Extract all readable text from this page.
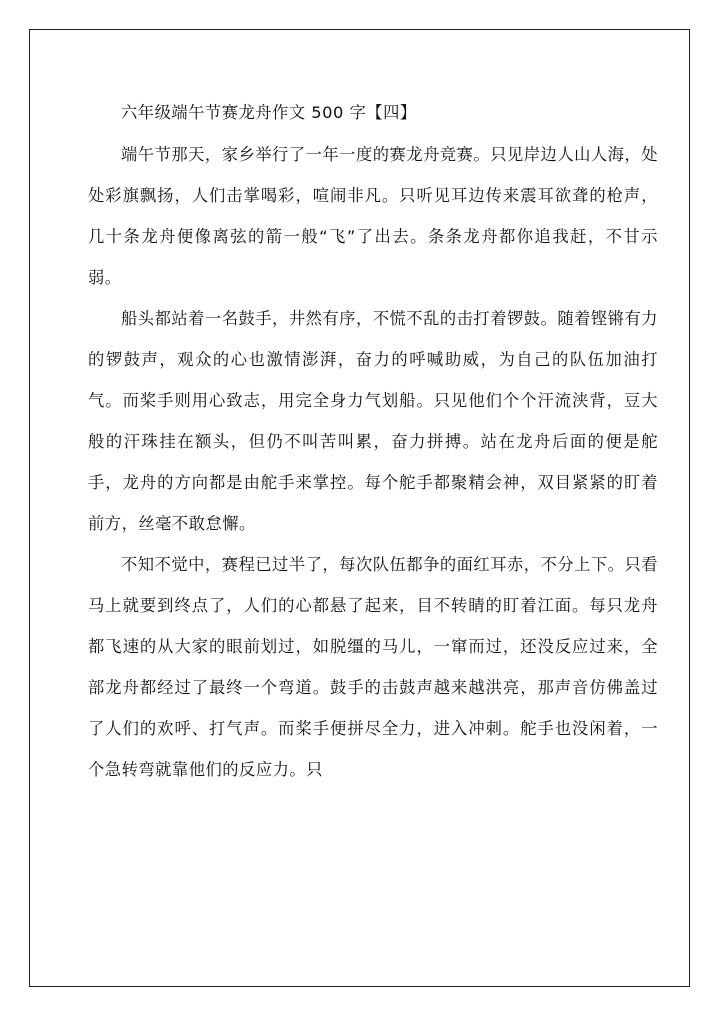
六年级端午节赛龙舟作文 500 字【四】

端午节那天，家乡举行了一年一度的赛龙舟竞赛。只见岸边人山人海，处处彩旗飘扬，人们击掌喝彩，喧闹非凡。只听见耳边传来震耳欲聋的枪声，几十条龙舟便像离弦的箭一般“飞”了出去。条条龙舟都你追我赶，不甘示弱。

船头都站着一名鼓手，井然有序，不慌不乱的击打着锣鼓。随着铿锵有力的锣鼓声，观众的心也激情澎湃，奋力的呼喊助威，为自己的队伍加油打气。而桨手则用心致志，用完全身力气划船。只见他们个个汗流浃背，豆大般的汗珠挂在额头，但仍不叫苦叫累，奋力拼搏。站在龙舟后面的便是舵手，龙舟的方向都是由舵手来掌控。每个舵手都聚精会神，双目紧紧的盯着前方，丝毫不敢怠懈。

不知不觉中，赛程已过半了，每次队伍都争的面红耳赤，不分上下。只看马上就要到终点了，人们的心都悬了起来，目不转睛的盯着江面。每只龙舟都飞速的从大家的眼前划过，如脱缰的马儿，一窜而过，还没反应过来，全部龙舟都经过了最终一个弯道。鼓手的击鼓声越来越洪亮，那声音仿佛盖过了人们的欢呼、打气声。而桨手便拼尽全力，进入冲刺。舵手也没闲着，一个急转弯就靠他们的反应力。只
